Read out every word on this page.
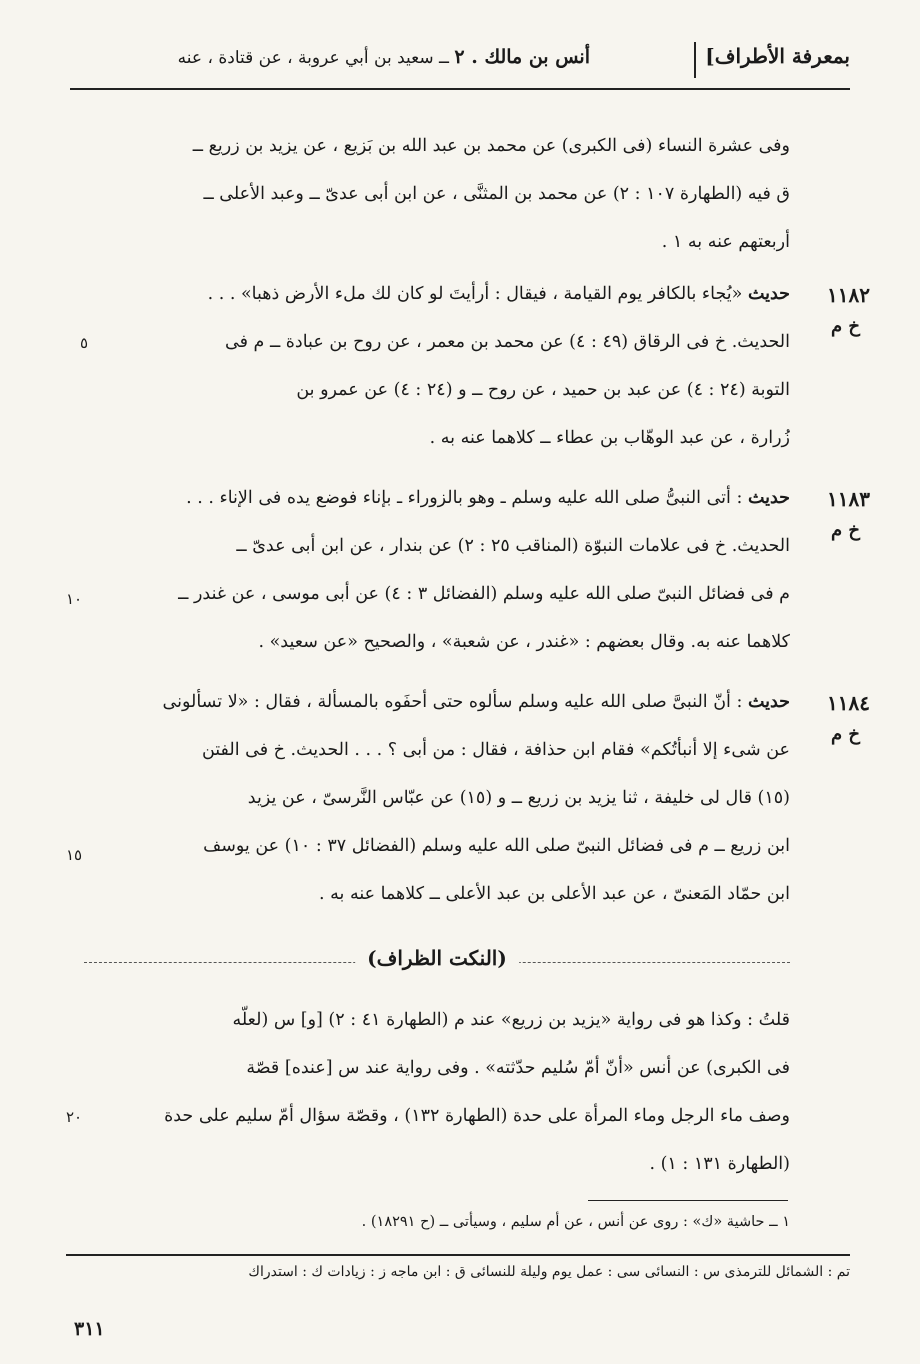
بمعرفة الأطراف]
أنس بن مالك . ٢ ــ سعيد بن أبي عروبة ، عن قتادة ، عنه
وفى عشرة النساء (فى الكبرى) عن محمد بن عبد الله بن بَزيع ، عن يزيد بن زريع ــ
ق فيه (الطهارة ١٠٧ : ٢) عن محمد بن المثنَّى ، عن ابن أبى عدىّ ــ وعبد الأعلى ــ
أربعتهم عنه به ١ .
١١٨٢
خ م
حديث «يُجاء بالكافر يوم القيامة ، فيقال : أرأيتَ لو كان لك ملء الأرض ذهبا» . . .
الحديث. خ فى الرقاق (٤٩ : ٤) عن محمد بن معمر ، عن روح بن عبادة ــ م فى
التوبة (٢٤ : ٤) عن عبد بن حميد ، عن روح ــ و (٢٤ : ٤) عن عمرو بن
زُرارة ، عن عبد الوهّاب بن عطاء ــ كلاهما عنه به .
١١٨٣
خ م
حديث : أتى النبىُّ صلى الله عليه وسلم ـ وهو بالزوراء ـ بإناء فوضع يده فى الإناء . . .
الحديث. خ فى علامات النبوّة (المناقب ٢٥ : ٢) عن بندار ، عن ابن أبى عدىّ ــ
م فى فضائل النبىّ صلى الله عليه وسلم (الفضائل ٣ : ٤) عن أبى موسى ، عن غندر ــ
كلاهما عنه به. وقال بعضهم : «غندر ، عن شعبة» ، والصحيح «عن سعيد» .
١١٨٤
خ م
حديث : أنّ النبىَّ صلى الله عليه وسلم سألوه حتى أحفَوه بالمسألة ، فقال : «لا تسألونى
عن شىء إلا أنبأتُكم» فقام ابن حذافة ، فقال : من أبى ؟ . . . الحديث. خ فى الفتن
(١٥) قال لى خليفة ، ثنا يزيد بن زريع ــ و (١٥) عن عبّاس النَّرسىّ ، عن يزيد
ابن زريع ــ م فى فضائل النبىّ صلى الله عليه وسلم (الفضائل ٣٧ : ١٠) عن يوسف
ابن حمّاد المَعنىّ ، عن عبد الأعلى بن عبد الأعلى ــ كلاهما عنه به .
(النكت الظراف)
قلتُ : وكذا هو فى رواية «يزيد بن زريع» عند م (الطهارة ٤١ : ٢) [و] س (لعلّه
فى الكبرى) عن أنس «أنّ أمّ سُليم حدّثته» . وفى رواية عند س [عنده] قصّة
وصف ماء الرجل وماء المرأة على حدة (الطهارة ١٣٢) ، وقصّة سؤال أمّ سليم على حدة
(الطهارة ١٣١ : ١) .
٥
١٠
١٥
٢٠
١ ــ حاشية «ك» : روى عن أنس ، عن أم سليم ، وسيأتى ــ (ح ١٨٢٩١) .
تم : الشمائل للترمذى س : النسائى سى : عمل يوم وليلة للنسائى ق : ابن ماجه ز : زيادات ك : استدراك
٣١١
